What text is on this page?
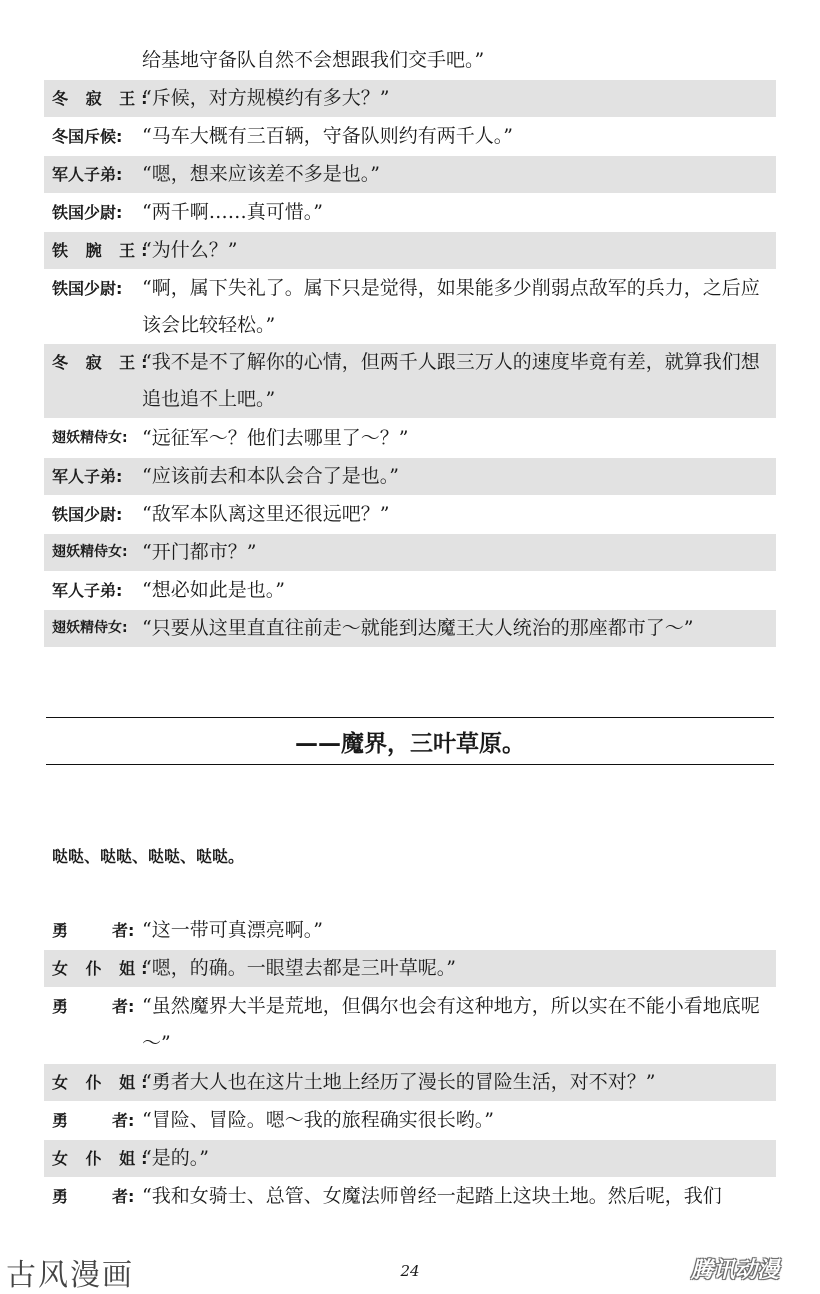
给基地守备队自然不会想跟我们交手吧。”
冬 寂 王:
“斥候，对方规模约有多大？”
冬国斥候:	“马车大概有三百辆，守备队则约有两千人。”
军人子弟:	“嗯，想来应该差不多是也。”
铁国少尉:	“两千啊……真可惜。”
铁 腕 王:
“为什么？”
铁国少尉:	“啊，属下失礼了。属下只是觉得，如果能多少削弱点敌军的兵力，之后应该会比较轻松。”
冬 寂 王:
“我不是不了解你的心情，但两千人跟三万人的速度毕竟有差，就算我们想追也追不上吧。”
翅妖精侍女: “远征军～？他们去哪里了～？”
军人子弟:	“应该前去和本队会合了是也。”
铁国少尉:	“敌军本队离这里还很远吧？”
翅妖精侍女: “开门都市？”
军人子弟:	“想必如此是也。”
翅妖精侍女: “只要从这里直直往前走～就能到达魔王大人统治的那座都市了～”
——魔界，三叶草原。
哒哒、哒哒、哒哒、哒哒。
勇	者: “这一带可真漂亮啊。”
女 仆 姐:
“嗯，的确。一眼望去都是三叶草呢。”
勇	者: “虽然魔界大半是荒地，但偶尔也会有这种地方，所以实在不能小看地底呢～”
女 仆 姐:
“勇者大人也在这片土地上经历了漫长的冒险生活，对不对？”
勇	者: “冒险、冒险。嗯～我的旅程确实很长哟。”
女 仆 姐:
“是的。”
勇	者: “我和女骑士、总管、女魔法师曾经一起踏上这块土地。然后呢，我们
古风漫画	24	腾讯动漫
